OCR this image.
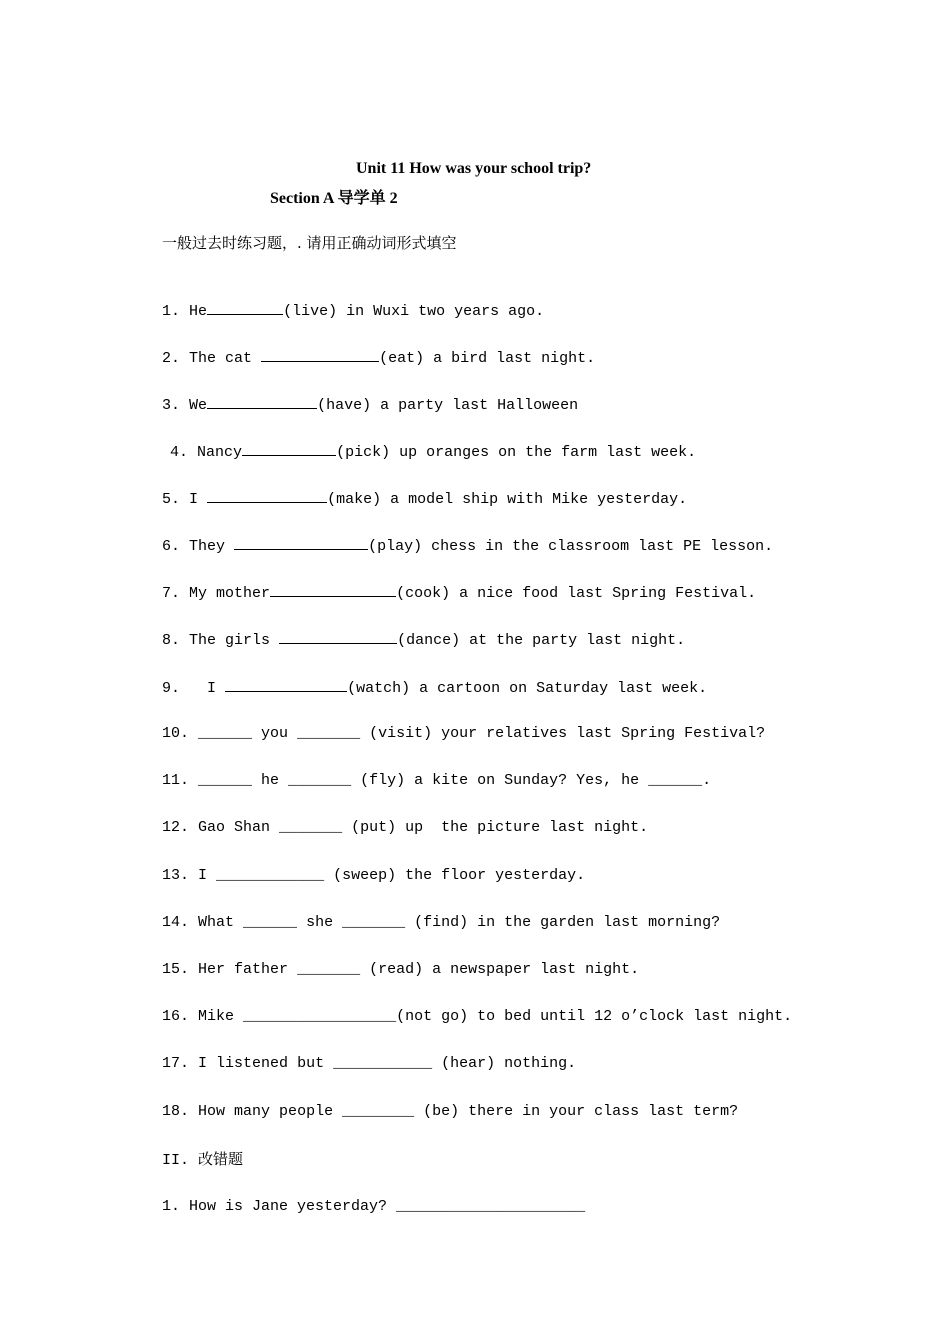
Unit 11 How was your school trip?
Section A 导学单 2
一般过去时练习题，. 请用正确动词形式填空

1. He	(live) in Wuxi two years ago.

2. The cat	(eat) a bird last night.

3. We	(have) a party last Halloween

4. Nancy	(pick) up oranges on the farm last week.

5. I	(make) a model ship with Mike yesterday.

6. They	(play) chess in the classroom last PE lesson.

7. My mother	(cook) a nice food last Spring Festival.

8. The girls	(dance) at the party last night.

9.   I	(watch) a cartoon on Saturday last week.

10. ______ you _______ (visit) your relatives last Spring Festival?

11. ______ he _______ (fly) a kite on Sunday? Yes, he ______.

12. Gao Shan _______ (put) up  the picture last night.

13. I ____________ (sweep) the floor yesterday.

14. What ______ she _______ (find) in the garden last morning?

15. Her father _______ (read) a newspaper last night.

16. Mike _________________(not go) to bed until 12 o’clock last night.

17. I listened but ___________ (hear) nothing.

18. How many people ________ (be) there in your class last term?

II. 改错题

1. How is Jane yesterday? _____________________
